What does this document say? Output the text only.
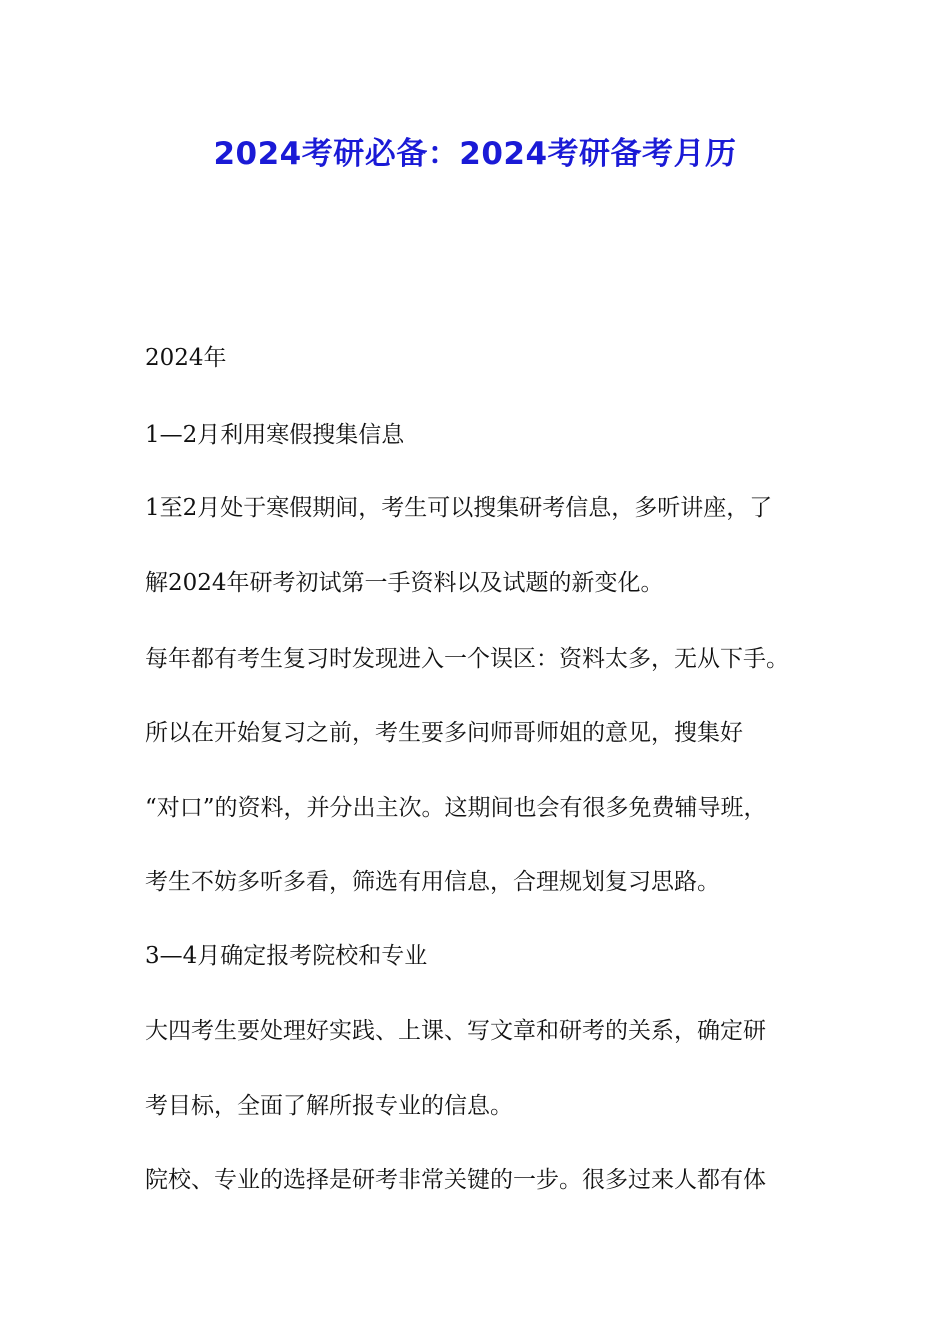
2024考研必备：2024考研备考月历
2024年
1—2月利用寒假搜集信息
1至2月处于寒假期间，考生可以搜集研考信息，多听讲座，了
解2024年研考初试第一手资料以及试题的新变化。
每年都有考生复习时发现进入一个误区：资料太多，无从下手。
所以在开始复习之前，考生要多问师哥师姐的意见，搜集好
“对口”的资料，并分出主次。这期间也会有很多免费辅导班，
考生不妨多听多看，筛选有用信息，合理规划复习思路。
3—4月确定报考院校和专业
大四考生要处理好实践、上课、写文章和研考的关系，确定研
考目标，全面了解所报专业的信息。
院校、专业的选择是研考非常关键的一步。很多过来人都有体
